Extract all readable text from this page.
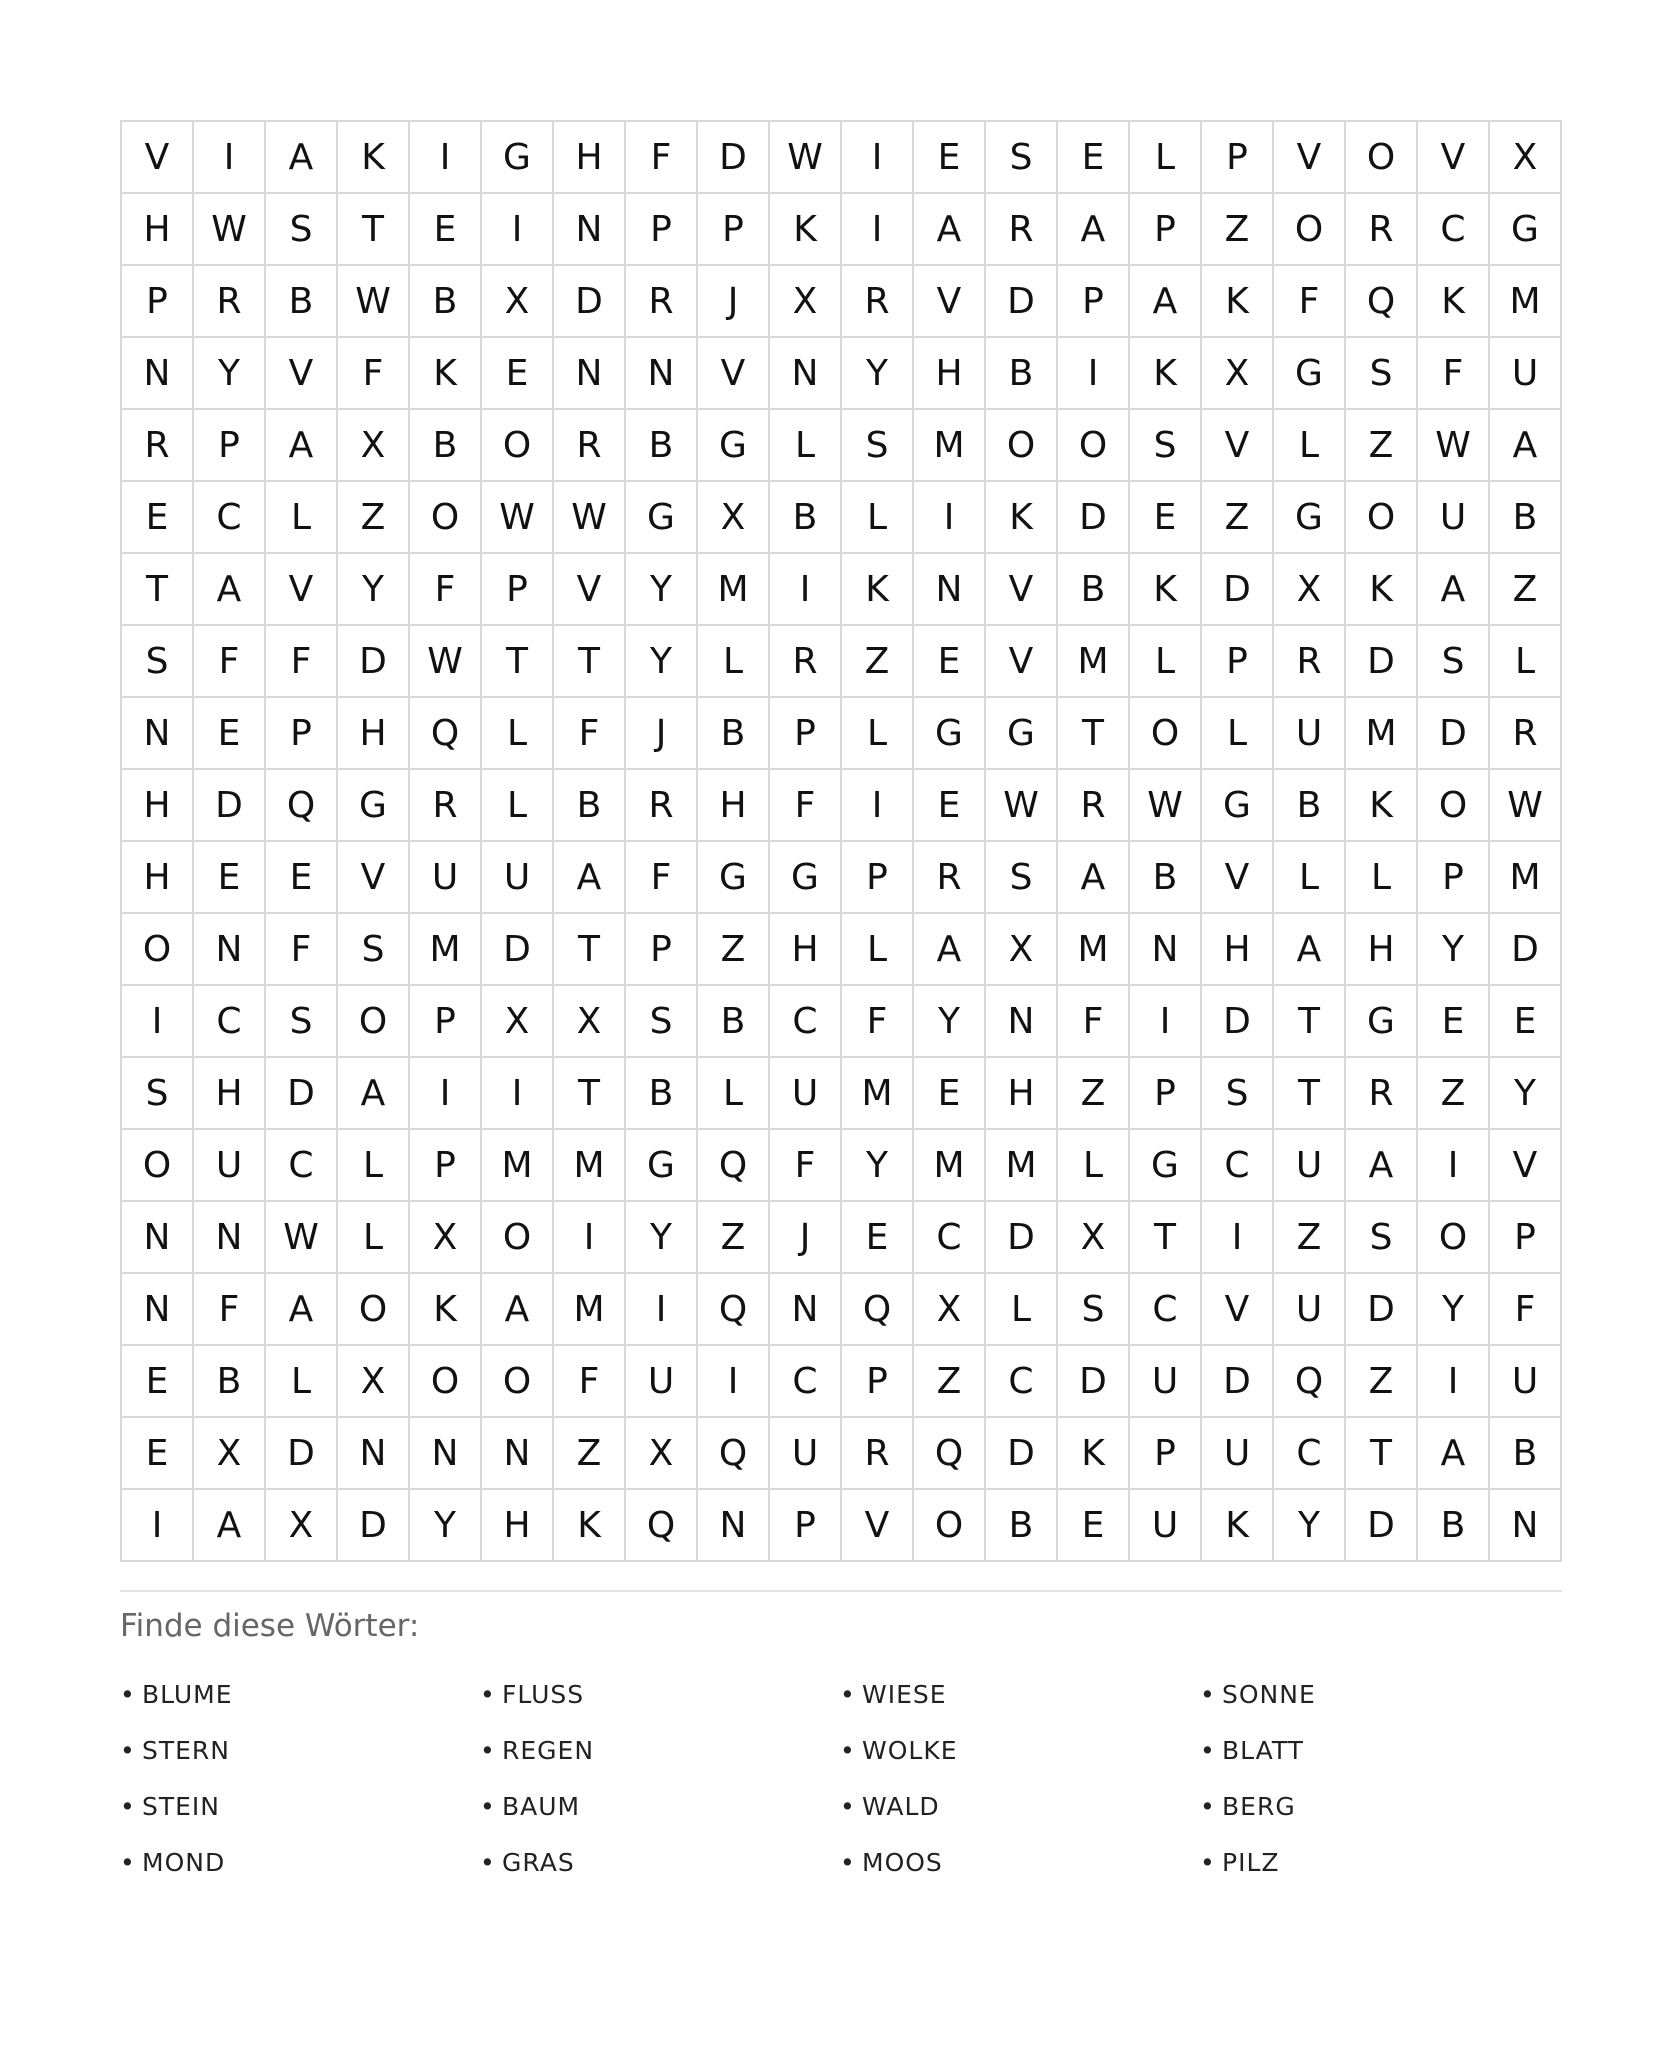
V	I	A	K	I	G	H	F	D	W	I	E	S	E	L	P	V	O	V	X
H	W	S	T	E	I	N	P	P	K	I	A	R	A	P	Z	O	R	C	G
P	R	B	W	B	X	D	R	J	X	R	V	D	P	A	K	F	Q	K	M
N	Y	V	F	K	E	N	N	V	N	Y	H	B	I	K	X	G	S	F	U
R	P	A	X	B	O	R	B	G	L	S	M	O	O	S	V	L	Z	W	A
E	C	L	Z	O	W	W	G	X	B	L	I	K	D	E	Z	G	O	U	B
T	A	V	Y	F	P	V	Y	M	I	K	N	V	B	K	D	X	K	A	Z
S	F	F	D	W	T	T	Y	L	R	Z	E	V	M	L	P	R	D	S	L
N	E	P	H	Q	L	F	J	B	P	L	G	G	T	O	L	U	M	D	R
H	D	Q	G	R	L	B	R	H	F	I	E	W	R	W	G	B	K	O	W
H	E	E	V	U	U	A	F	G	G	P	R	S	A	B	V	L	L	P	M
O	N	F	S	M	D	T	P	Z	H	L	A	X	M	N	H	A	H	Y	D
I	C	S	O	P	X	X	S	B	C	F	Y	N	F	I	D	T	G	E	E
S	H	D	A	I	I	T	B	L	U	M	E	H	Z	P	S	T	R	Z	Y
O	U	C	L	P	M	M	G	Q	F	Y	M	M	L	G	C	U	A	I	V
N	N	W	L	X	O	I	Y	Z	J	E	C	D	X	T	I	Z	S	O	P
N	F	A	O	K	A	M	I	Q	N	Q	X	L	S	C	V	U	D	Y	F
E	B	L	X	O	O	F	U	I	C	P	Z	C	D	U	D	Q	Z	I	U
E	X	D	N	N	N	Z	X	Q	U	R	Q	D	K	P	U	C	T	A	B
I	A	X	D	Y	H	K	Q	N	P	V	O	B	E	U	K	Y	D	B	N
Finde diese Wörter:
• BLUME	• FLUSS	• WIESE	• SONNE
• STERN	• REGEN	• WOLKE	• BLATT
• STEIN	• BAUM	• WALD	• BERG
• MOND	• GRAS	• MOOS	• PILZ
